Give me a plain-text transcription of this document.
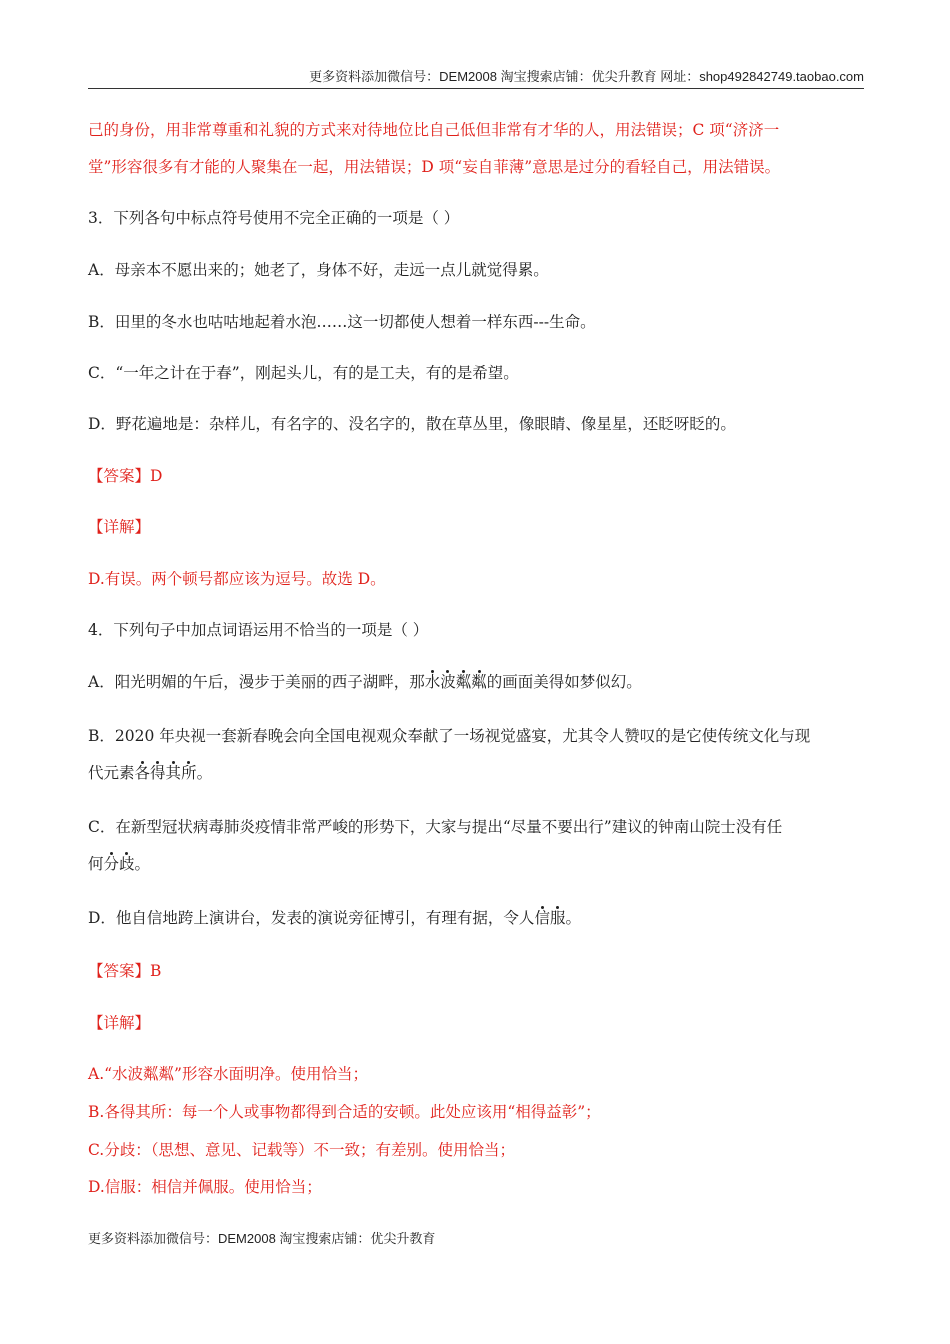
更多资料添加微信号：DEM2008 淘宝搜索店铺：优尖升教育 网址：shop492842749.taobao.com
己的身份，用非常尊重和礼貌的方式来对待地位比自己低但非常有才华的人，用法错误；C 项“济济一
堂”形容很多有才能的人聚集在一起，用法错误；D 项“妄自菲薄”意思是过分的看轻自己，用法错误。
3．下列各句中标点符号使用不完全正确的一项是（ ）
A．母亲本不愿出来的；她老了，身体不好，走远一点儿就觉得累。
B．田里的冬水也咕咕地起着水泡……这一切都使人想着一样东西---生命。
C．“一年之计在于春”，刚起头儿，有的是工夫，有的是希望。
D．野花遍地是：杂样儿，有名字的、没名字的，散在草丛里，像眼睛、像星星，还眨呀眨的。
【答案】D
【详解】
D.有误。两个顿号都应该为逗号。故选 D。
4．下列句子中加点词语运用不恰当的一项是（ ）
A．阳光明媚的午后，漫步于美丽的西子湖畔，那水波粼粼的画面美得如梦似幻。
B．2020 年央视一套新春晚会向全国电视观众奉献了一场视觉盛宴，尤其令人赞叹的是它使传统文化与现
代元素各得其所。
C．在新型冠状病毒肺炎疫情非常严峻的形势下，大家与提出“尽量不要出行”建议的钟南山院士没有任
何分歧。
D．他自信地跨上演讲台，发表的演说旁征博引，有理有据，令人信服。
【答案】B
【详解】
A.“水波粼粼”形容水面明净。使用恰当；
B.各得其所：每一个人或事物都得到合适的安顿。此处应该用“相得益彰”；
C.分歧：（思想、意见、记载等）不一致；有差别。使用恰当；
D.信服：相信并佩服。使用恰当；
更多资料添加微信号：DEM2008 淘宝搜索店铺：优尖升教育
